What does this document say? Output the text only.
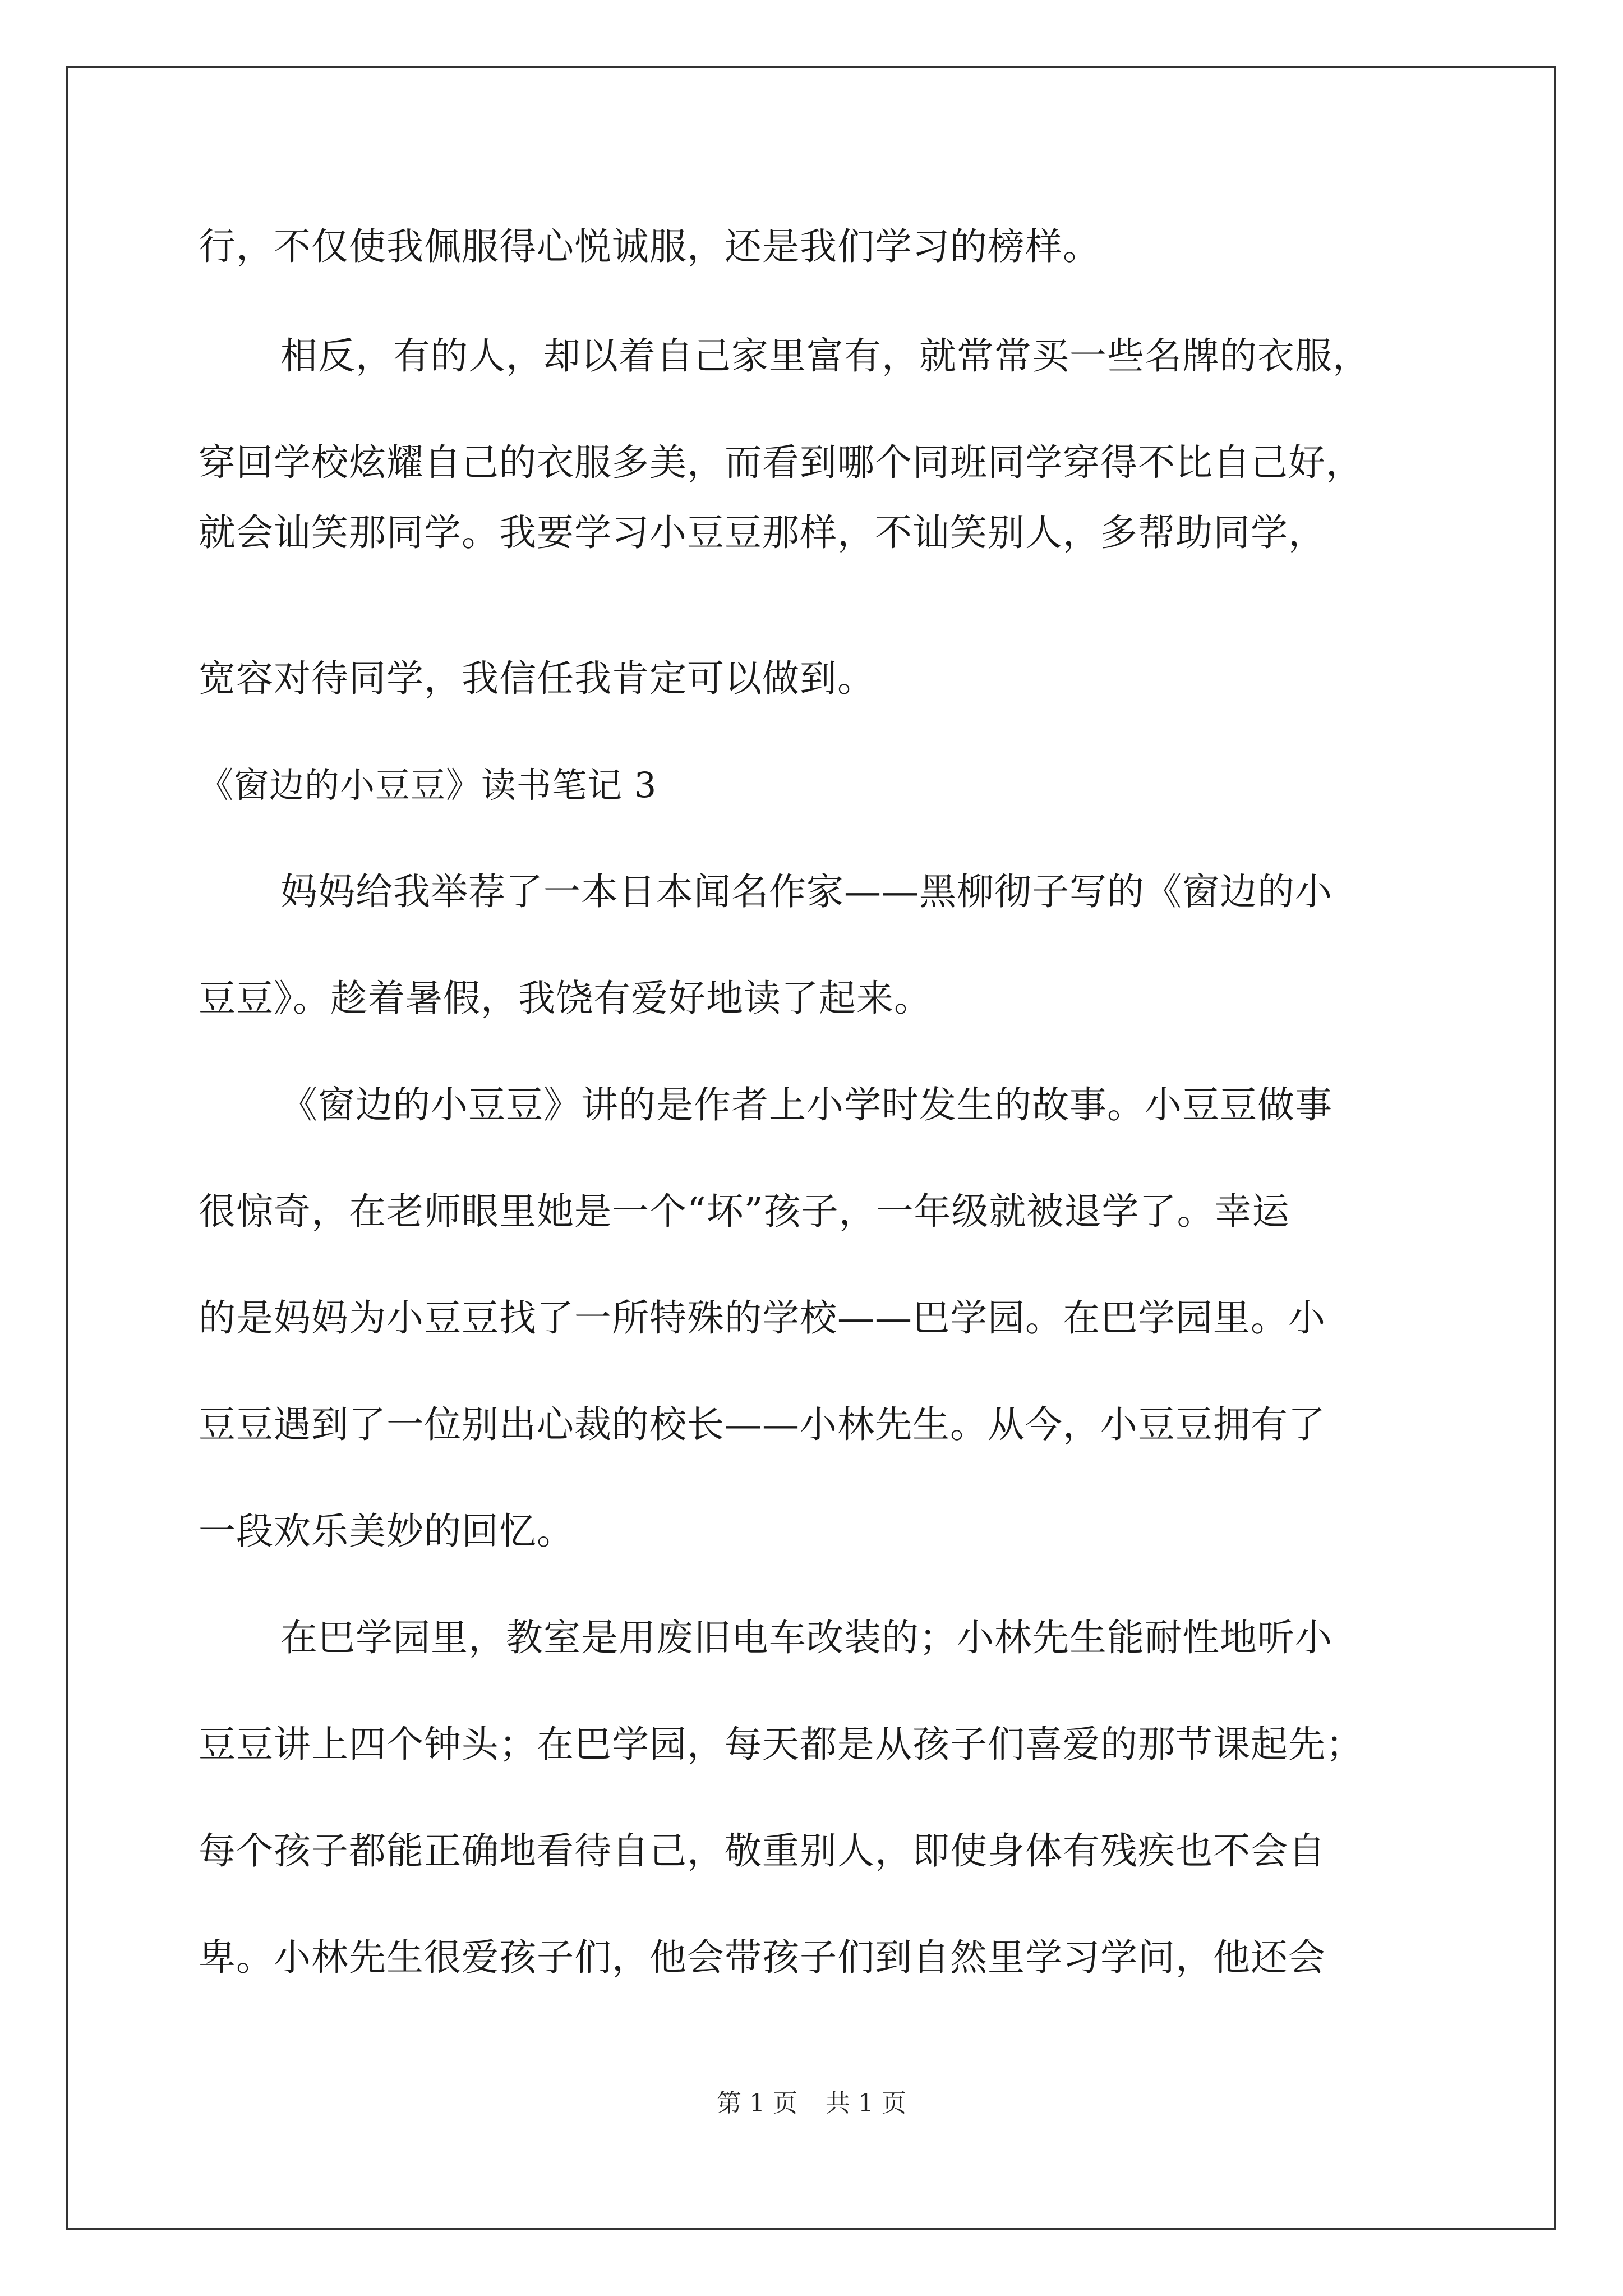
行，不仅使我佩服得心悦诚服，还是我们学习的榜样。
相反，有的人，却以着自己家里富有，就常常买一些名牌的衣服，
穿回学校炫耀自己的衣服多美，而看到哪个同班同学穿得不比自己好，
就会讪笑那同学。我要学习小豆豆那样，不讪笑别人，多帮助同学，
宽容对待同学，我信任我肯定可以做到。
《窗边的小豆豆》读书笔记 3
妈妈给我举荐了一本日本闻名作家——黑柳彻子写的《窗边的小
豆豆》。趁着暑假，我饶有爱好地读了起来。
《窗边的小豆豆》讲的是作者上小学时发生的故事。小豆豆做事
很惊奇，在老师眼里她是一个“坏”孩子，一年级就被退学了。幸运
的是妈妈为小豆豆找了一所特殊的学校——巴学园。在巴学园里。小
豆豆遇到了一位别出心裁的校长——小林先生。从今，小豆豆拥有了
一段欢乐美妙的回忆。
在巴学园里，教室是用废旧电车改装的；小林先生能耐性地听小
豆豆讲上四个钟头；在巴学园，每天都是从孩子们喜爱的那节课起先；
每个孩子都能正确地看待自己，敬重别人，即使身体有残疾也不会自
卑。小林先生很爱孩子们，他会带孩子们到自然里学习学问，他还会
第 1 页 共 1 页
